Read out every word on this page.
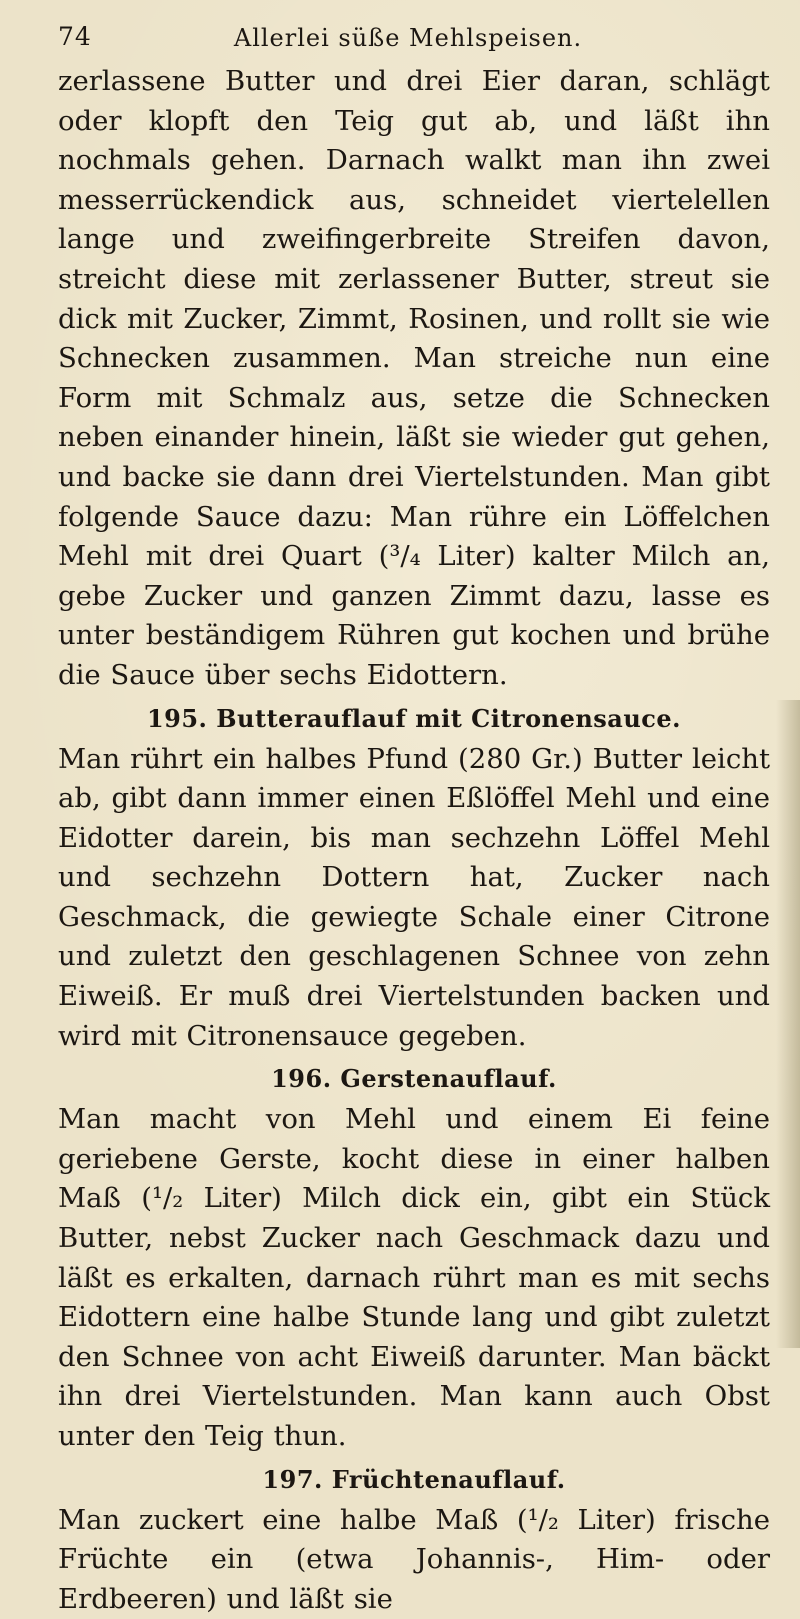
74	Allerlei süße Mehlspeisen.

zerlassene Butter und drei Eier daran, schlägt oder klopft den Teig gut ab, und läßt ihn nochmals gehen. Darnach walkt man ihn zwei messerrückendick aus, schneidet viertelellen lange und zweifingerbreite Streifen davon, streicht diese mit zerlassener Butter, streut sie dick mit Zucker, Zimmt, Rosinen, und rollt sie wie Schnecken zusammen. Man streiche nun eine Form mit Schmalz aus, setze die Schnecken neben einander hinein, läßt sie wieder gut gehen, und backe sie dann drei Viertelstunden. Man gibt folgende Sauce dazu: Man rühre ein Löffelchen Mehl mit drei Quart (³/₄ Liter) kalter Milch an, gebe Zucker und ganzen Zimmt dazu, lasse es unter beständigem Rühren gut kochen und brühe die Sauce über sechs Eidottern.

195. Butterauflauf mit Citronensauce.

Man rührt ein halbes Pfund (280 Gr.) Butter leicht ab, gibt dann immer einen Eßlöffel Mehl und eine Eidotter darein, bis man sechzehn Löffel Mehl und sechzehn Dottern hat, Zucker nach Geschmack, die gewiegte Schale einer Citrone und zuletzt den geschlagenen Schnee von zehn Eiweiß. Er muß drei Viertelstunden backen und wird mit Citronensauce gegeben.

196. Gerstenauflauf.

Man macht von Mehl und einem Ei feine geriebene Gerste, kocht diese in einer halben Maß (¹/₂ Liter) Milch dick ein, gibt ein Stück Butter, nebst Zucker nach Geschmack dazu und läßt es erkalten, darnach rührt man es mit sechs Eidottern eine halbe Stunde lang und gibt zuletzt den Schnee von acht Eiweiß darunter. Man bäckt ihn drei Viertelstunden. Man kann auch Obst unter den Teig thun.

197. Früchtenauflauf.

Man zuckert eine halbe Maß (¹/₂ Liter) frische Früchte ein (etwa Johannis-, Him- oder Erdbeeren) und läßt sie
